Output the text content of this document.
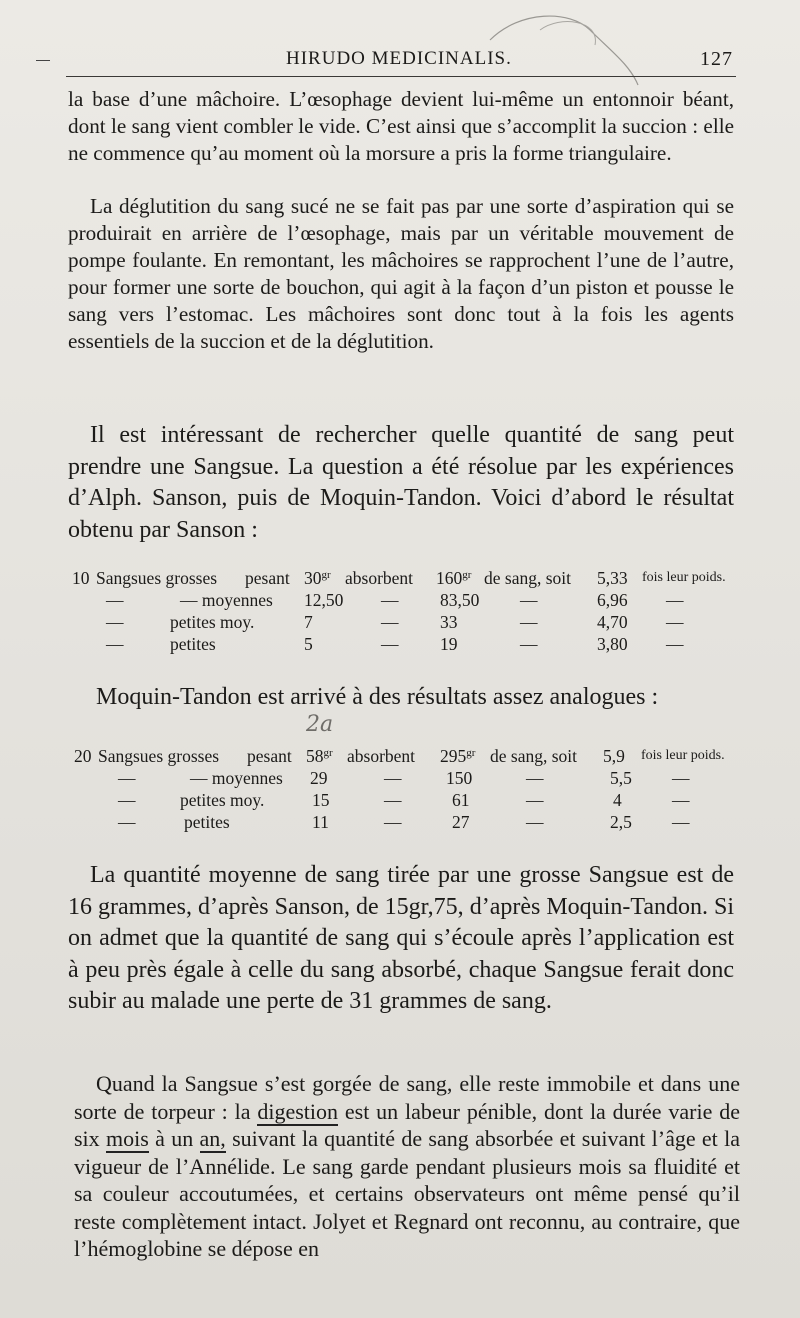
HIRUDO MEDICINALIS.	127

la base d’une mâchoire. L’œsophage devient lui-même un entonnoir béant, dont le sang vient combler le vide. C’est ainsi que s’accomplit la succion : elle ne commence qu’au moment où la morsure a pris la forme triangulaire.

La déglutition du sang sucé ne se fait pas par une sorte d’aspiration qui se produirait en arrière de l’œsophage, mais par un véritable mouvement de pompe foulante. En remontant, les mâchoires se rapprochent l’une de l’autre, pour former une sorte de bouchon, qui agit à la façon d’un piston et pousse le sang vers l’estomac. Les mâchoires sont donc tout à la fois les agents essentiels de la succion et de la déglutition.

Il est intéressant de rechercher quelle quantité de sang peut prendre une Sangsue. La question a été résolue par les expériences d’Alph. Sanson, puis de Moquin-Tandon. Voici d’abord le résultat obtenu par Sanson :

10 Sangsues grosses pesant $30^{gr}$ absorbent $160^{gr}$ de sang, soit 5,33 fois leur poids.
—	— moyennes 12,50 — 83,50 —	6,96 —
—	petites moy.	7	— 33	—	4,70 —
—	petites	5	— 19	—	3,80 —

Moquin-Tandon est arrivé à des résultats assez analogues :

2a
20 Sangsues grosses pesant $58^{gr}$ absorbent $295^{gr}$ de sang, soit 5,9 fois leur poids.
—	— moyennes 29	—	150	—	5,5 —
—	petites moy.	15	—	61	—	4	—
—	petites	11	—	27	—	2,5 —

La quantité moyenne de sang tirée par une grosse Sangsue est de 16 grammes, d’après Sanson, de 15gr,75, d’après Moquin-Tandon. Si on admet que la quantité de sang qui s’écoule après l’application est à peu près égale à celle du sang absorbé, chaque Sangsue ferait donc subir au malade une perte de 31 grammes de sang.

Quand la Sangsue s’est gorgée de sang, elle reste immobile et dans une sorte de torpeur : la digestion est un labeur pénible, dont la durée varie de six mois à un an, suivant la quantité de sang absorbée et suivant l’âge et la vigueur de l’Annélide. Le sang garde pendant plusieurs mois sa fluidité et sa couleur accoutumées, et certains observateurs ont même pensé qu’il reste complètement intact. Jolyet et Regnard ont reconnu, au contraire, que l’hémoglobine se dépose en
